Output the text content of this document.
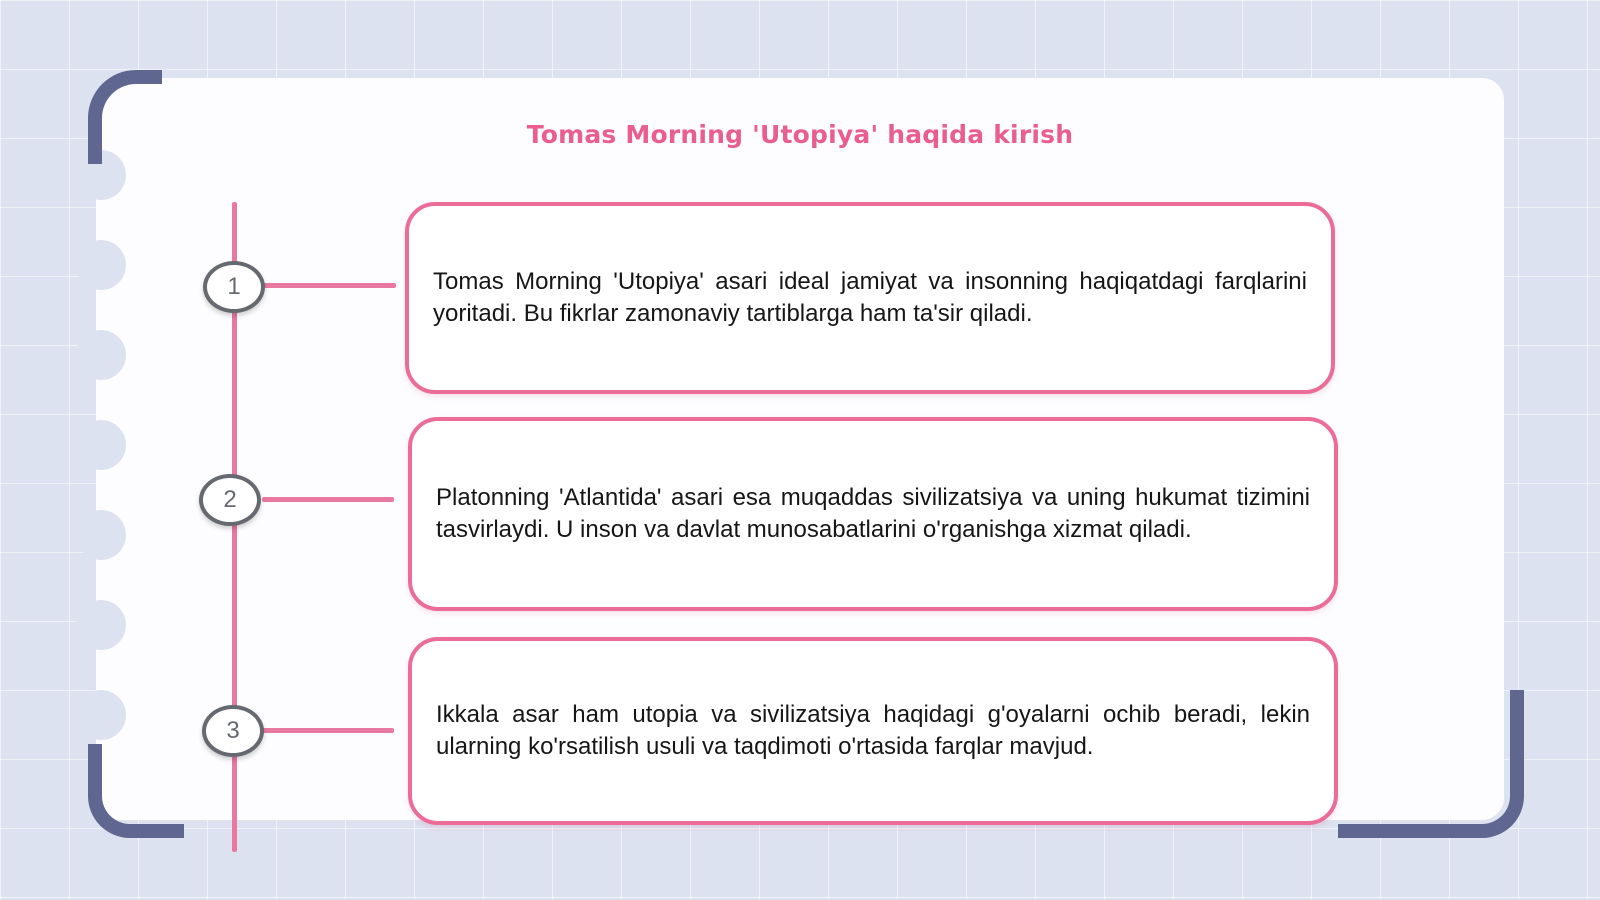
Tomas Morning 'Utopiya' haqida kirish
1
2
3

Tomas Morning 'Utopiya' asari ideal jamiyat va insonning haqiqatdagi farqlarini yoritadi. Bu fikrlar zamonaviy tartiblarga ham ta'sir qiladi.

Platonning 'Atlantida' asari esa muqaddas sivilizatsiya va uning hukumat tizimini tasvirlaydi. U inson va davlat munosabatlarini o'rganishga xizmat qiladi.

Ikkala asar ham utopia va sivilizatsiya haqidagi g'oyalarni ochib beradi, lekin ularning ko'rsatilish usuli va taqdimoti o'rtasida farqlar mavjud.
